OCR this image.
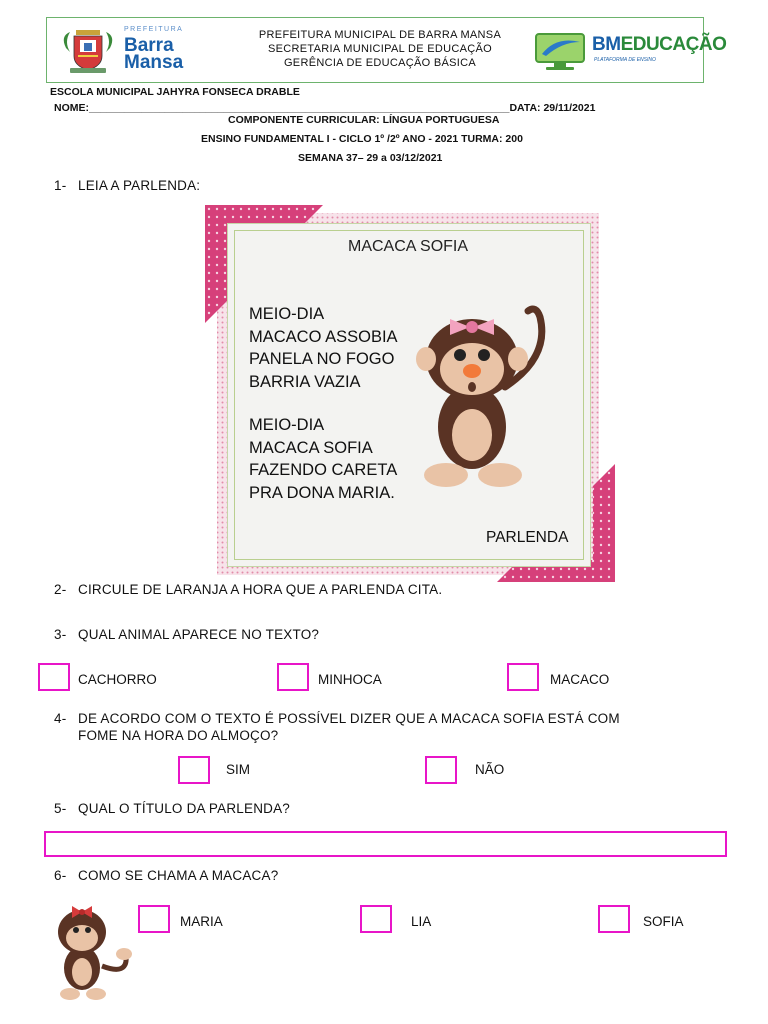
PREFEITURA
Barra
Mansa
PREFEITURA MUNICIPAL DE BARRA MANSA
SECRETARIA MUNICIPAL DE EDUCAÇÃO
GERÊNCIA DE EDUCAÇÃO BÁSICA
BMEDUCAÇÃO
PLATAFORMA DE ENSINO
ESCOLA MUNICIPAL JAHYRA FONSECA DRABLE
NOME:________________________________________________________________________DATA: 29/11/2021
COMPONENTE CURRICULAR: LÍNGUA PORTUGUESA
ENSINO FUNDAMENTAL I - CICLO 1º /2º ANO - 2021 TURMA: 200
SEMANA 37– 29 a 03/12/2021
1- LEIA A PARLENDA:
MACACA SOFIA
MEIO-DIA
MACACO ASSOBIA
PANELA NO FOGO
BARRIA VAZIA
MEIO-DIA
MACACA SOFIA
FAZENDO CARETA
PRA DONA MARIA.
PARLENDA
2- CIRCULE DE LARANJA A HORA QUE A PARLENDA CITA.
3- QUAL ANIMAL APARECE NO TEXTO?
CACHORRO	MINHOCA	MACACO
4- DE ACORDO COM O TEXTO É POSSÍVEL DIZER QUE A MACACA SOFIA ESTÁ COM
FOME NA HORA DO ALMOÇO?
SIM	NÃO
5- QUAL O TÍTULO DA PARLENDA?
6- COMO SE CHAMA A MACACA?
MARIA	LIA	SOFIA
